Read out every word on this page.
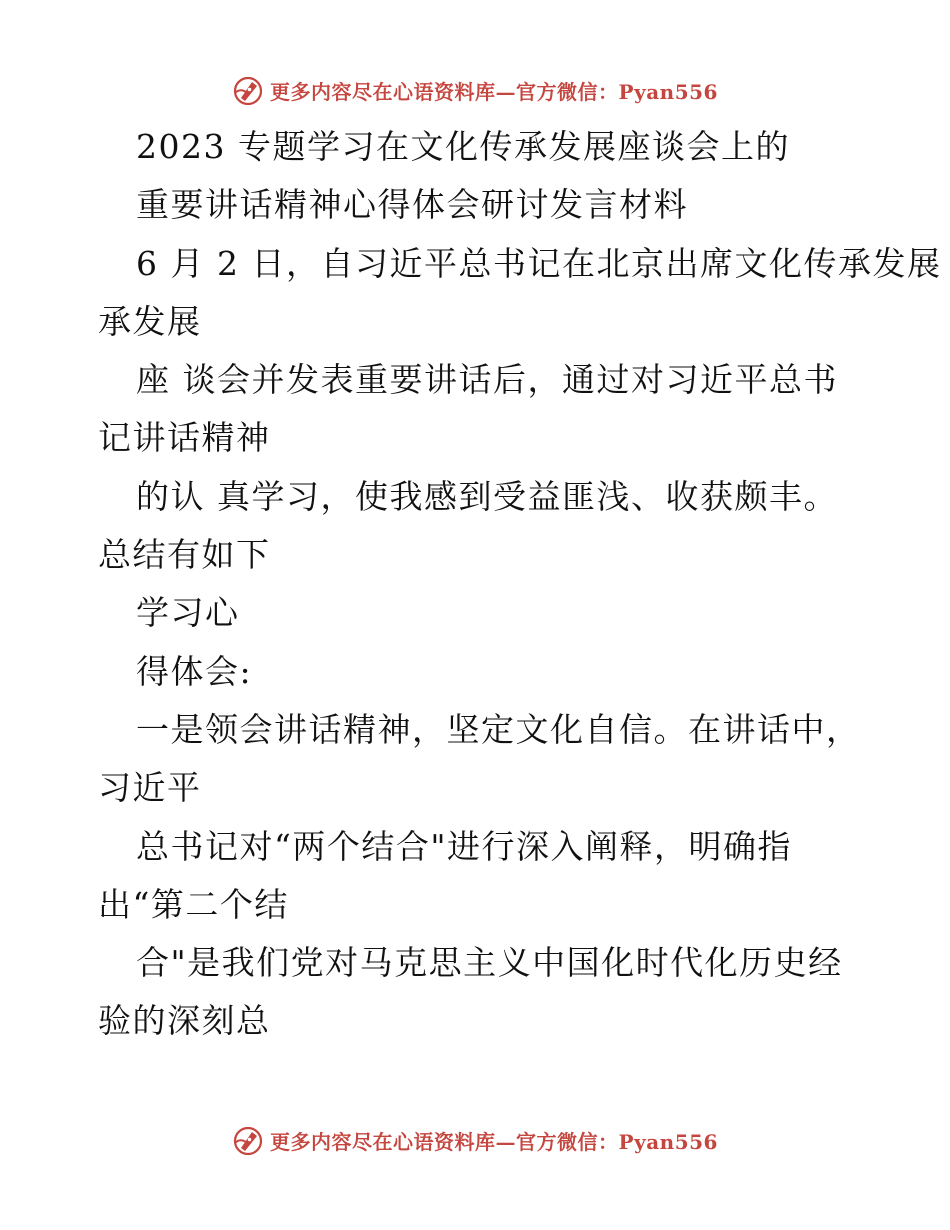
更多内容尽在心语资料库—官方微信：Pyan556
2023 专题学习在文化传承发展座谈会上的
重要讲话精神心得体会研讨发言材料
6 月 2 日，自习近平总书记在北京出席文化传承发展
承发展
座 谈会并发表重要讲话后，通过对习近平总书
记讲话精神
的认 真学习，使我感到受益匪浅、收获颇丰。
总结有如下
学习心
得体会:
一是领会讲话精神，坚定文化自信。在讲话中，
习近平
总书记对“两个结合"进行深入阐释，明确指
出“第二个结
合"是我们党对马克思主义中国化时代化历史经
验的深刻总
更多内容尽在心语资料库—官方微信：Pyan556
